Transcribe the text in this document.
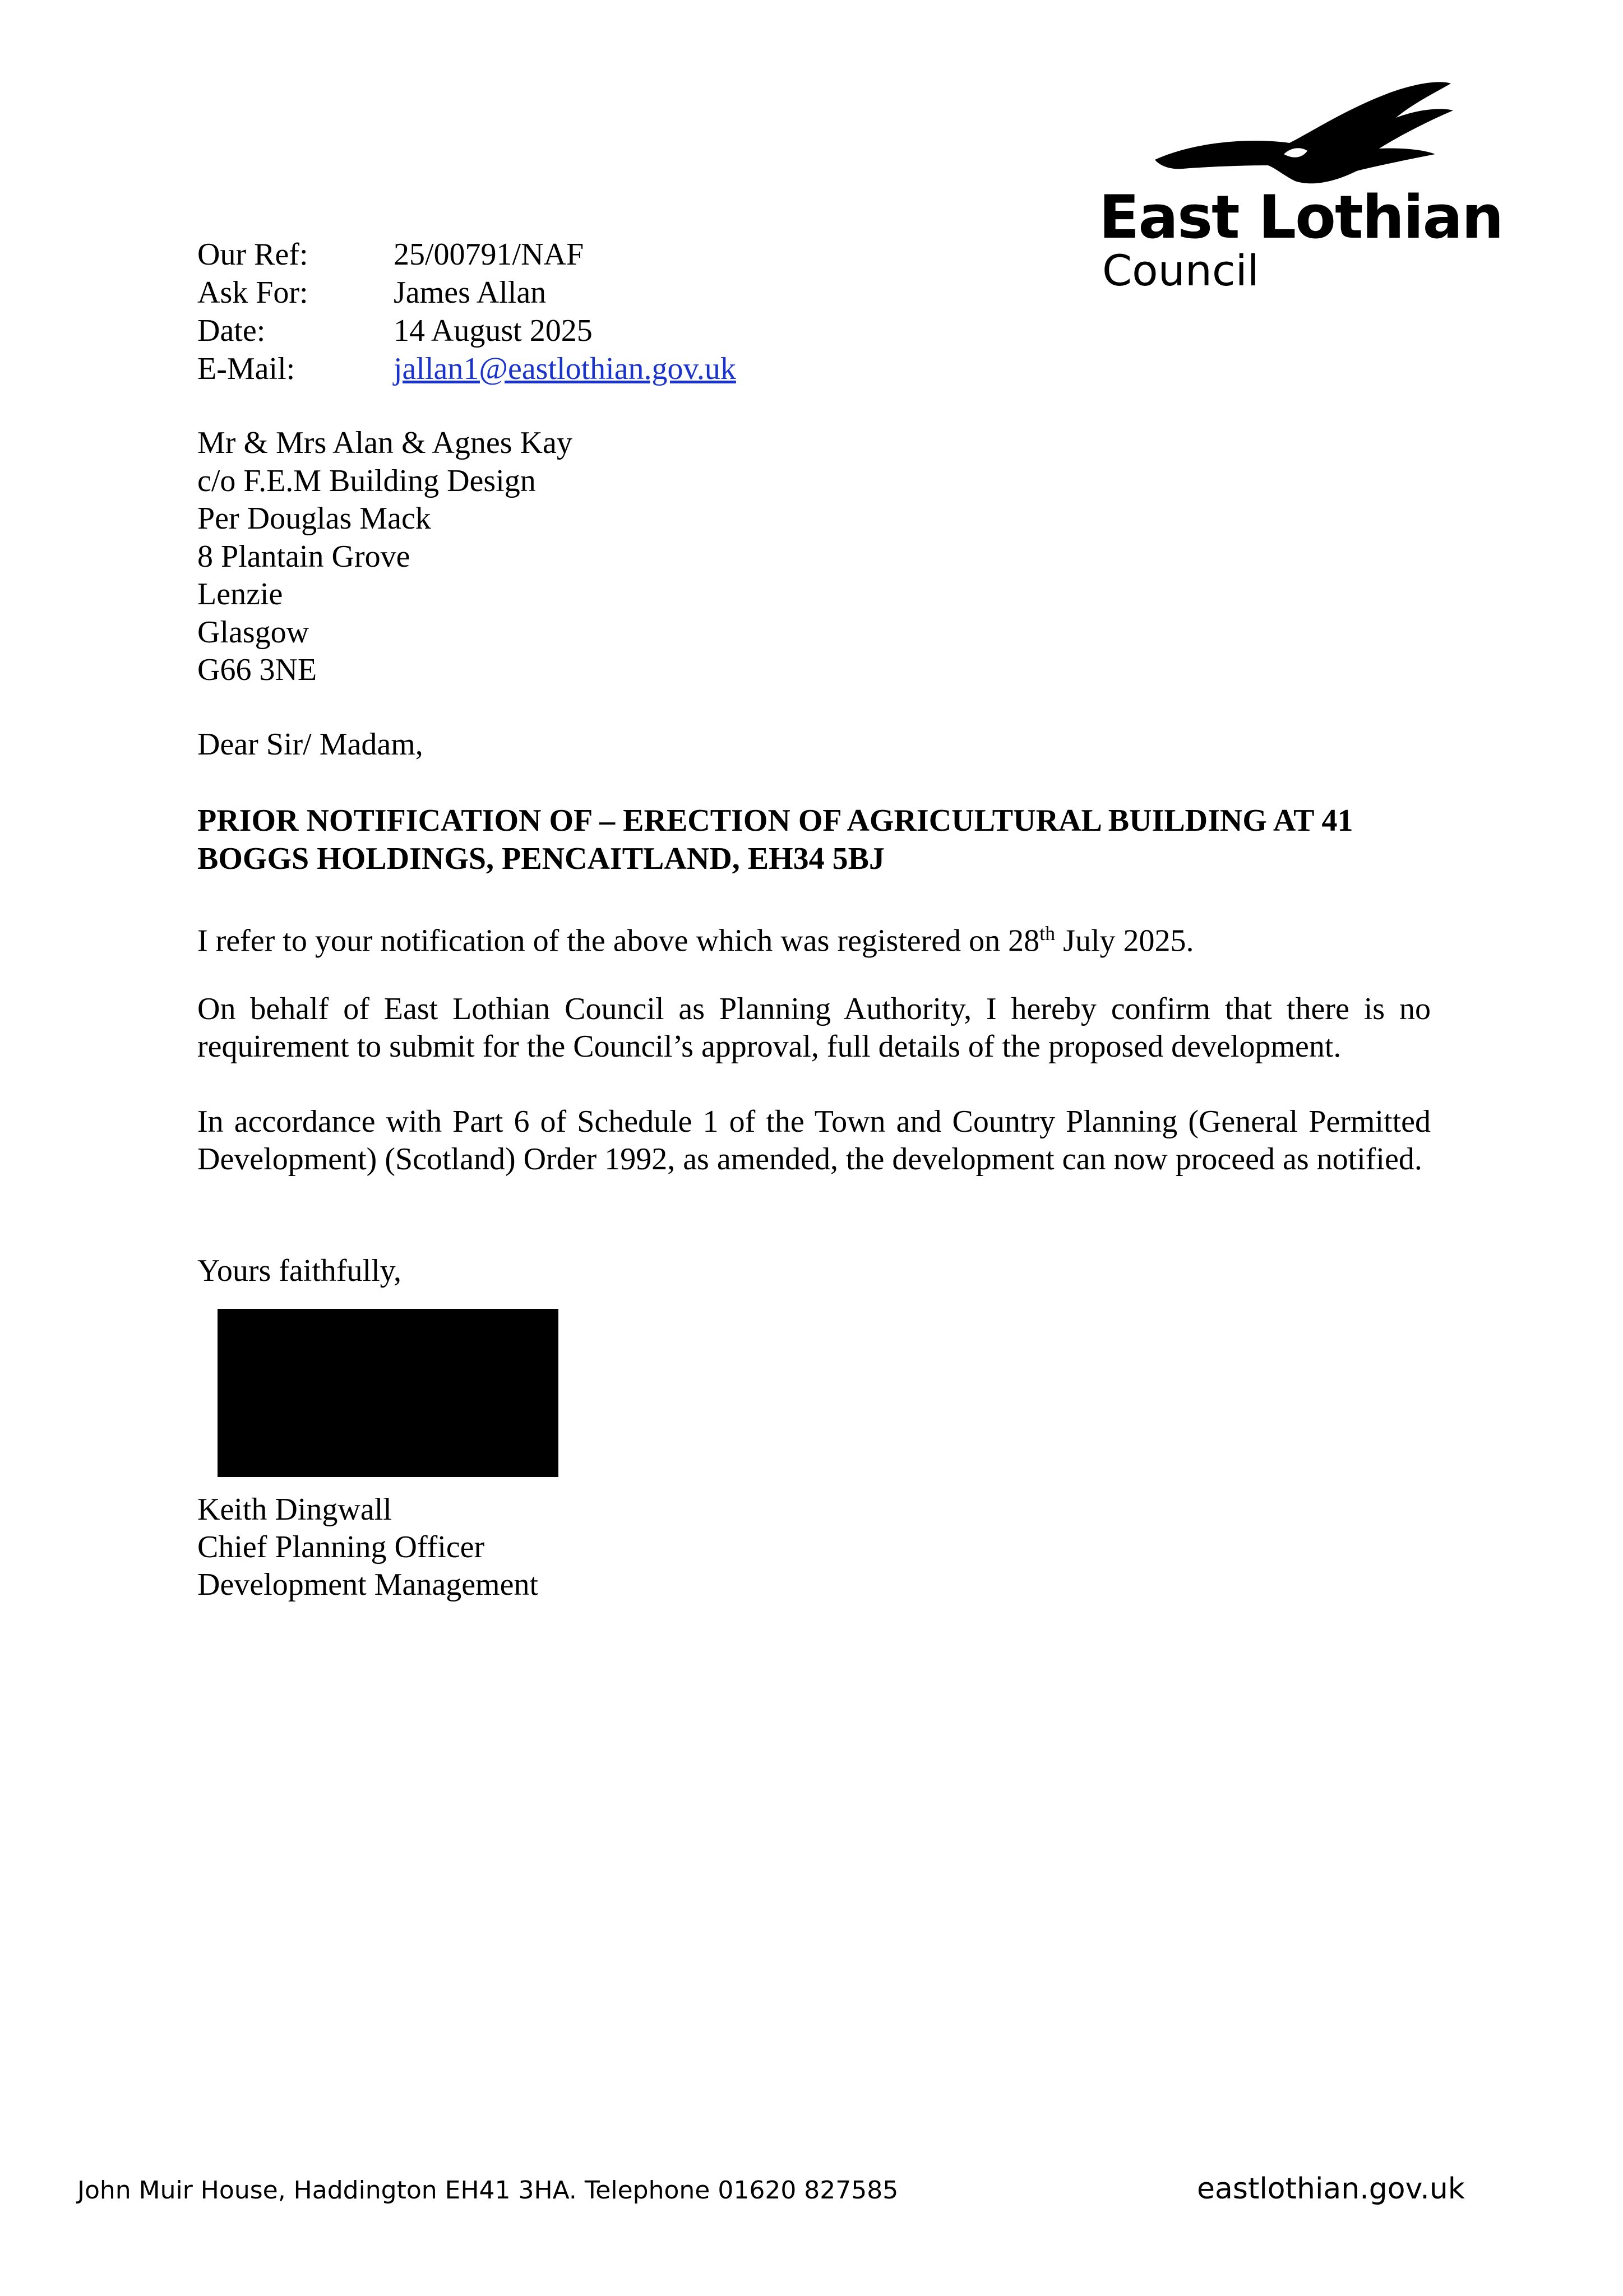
East Lothian
Council
Our Ref:	25/00791/NAF
Ask For:	James Allan
Date:	14 August 2025
E-Mail:	jallan1@eastlothian.gov.uk
Mr & Mrs Alan & Agnes Kay
c/o F.E.M Building Design
Per Douglas Mack
8 Plantain Grove
Lenzie
Glasgow
G66 3NE
Dear Sir/ Madam,
PRIOR NOTIFICATION OF – ERECTION OF AGRICULTURAL BUILDING AT 41 BOGGS HOLDINGS, PENCAITLAND, EH34 5BJ

I refer to your notification of the above which was registered on 28th July 2025.

On behalf of East Lothian Council as Planning Authority, I hereby confirm that there is no requirement to submit for the Council’s approval, full details of the proposed development.

In accordance with Part 6 of Schedule 1 of the Town and Country Planning (General Permitted Development) (Scotland) Order 1992, as amended, the development can now proceed as notified.

Yours faithfully,
Keith Dingwall
Chief Planning Officer
Development Management
John Muir House, Haddington EH41 3HA. Telephone 01620 827585	eastlothian.gov.uk
